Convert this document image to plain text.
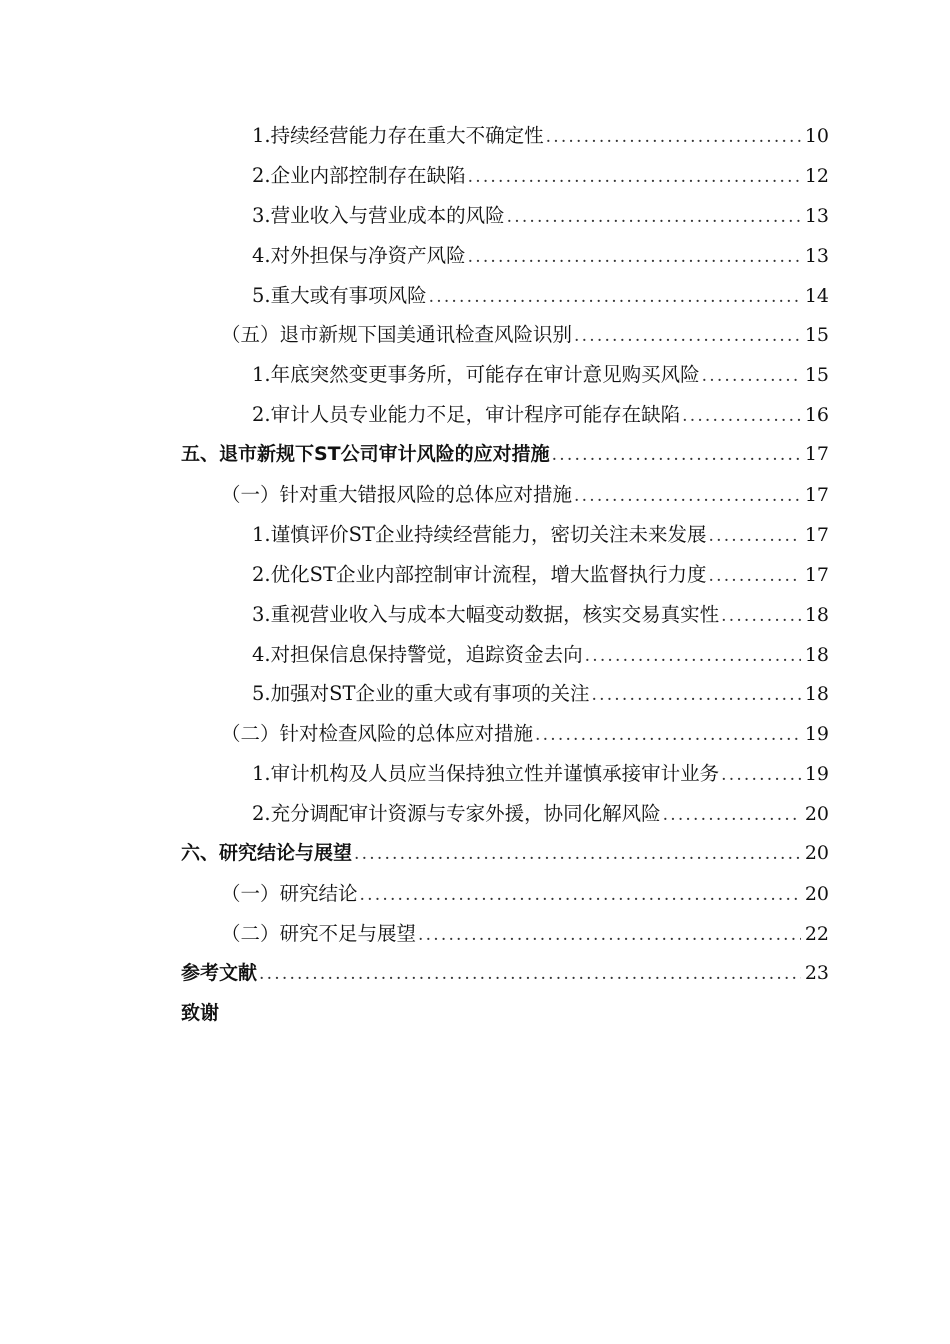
1.持续经营能力存在重大不确定性 . . .	10
2.企业内部控制存在缺陷 . . .	12
3.营业收入与营业成本的风险 . . .	13
4.对外担保与净资产风险 . . .	13
5.重大或有事项风险 . . .	14
（五）退市新规下国美通讯检查风险识别 . . .	15
1.年底突然变更事务所，可能存在审计意见购买风险 . . .	15
2.审计人员专业能力不足，审计程序可能存在缺陷 . . .	16
五、退市新规下ST公司审计风险的应对措施 . . .	17
（一）针对重大错报风险的总体应对措施 . . .	17
1.谨慎评价ST企业持续经营能力，密切关注未来发展 . . .	17
2.优化ST企业内部控制审计流程，增大监督执行力度 . . .	17
3.重视营业收入与成本大幅变动数据，核实交易真实性 . . .	18
4.对担保信息保持警觉，追踪资金去向 . . .	18
5.加强对ST企业的重大或有事项的关注 . . .	18
（二）针对检查风险的总体应对措施 . . .	19
1.审计机构及人员应当保持独立性并谨慎承接审计业务 . . .	19
2.充分调配审计资源与专家外援，协同化解风险 . . .	20
六、研究结论与展望 . . .	20
（一）研究结论 . . .	20
（二）研究不足与展望 . . .	22
参考文献 . . .	23
致谢
